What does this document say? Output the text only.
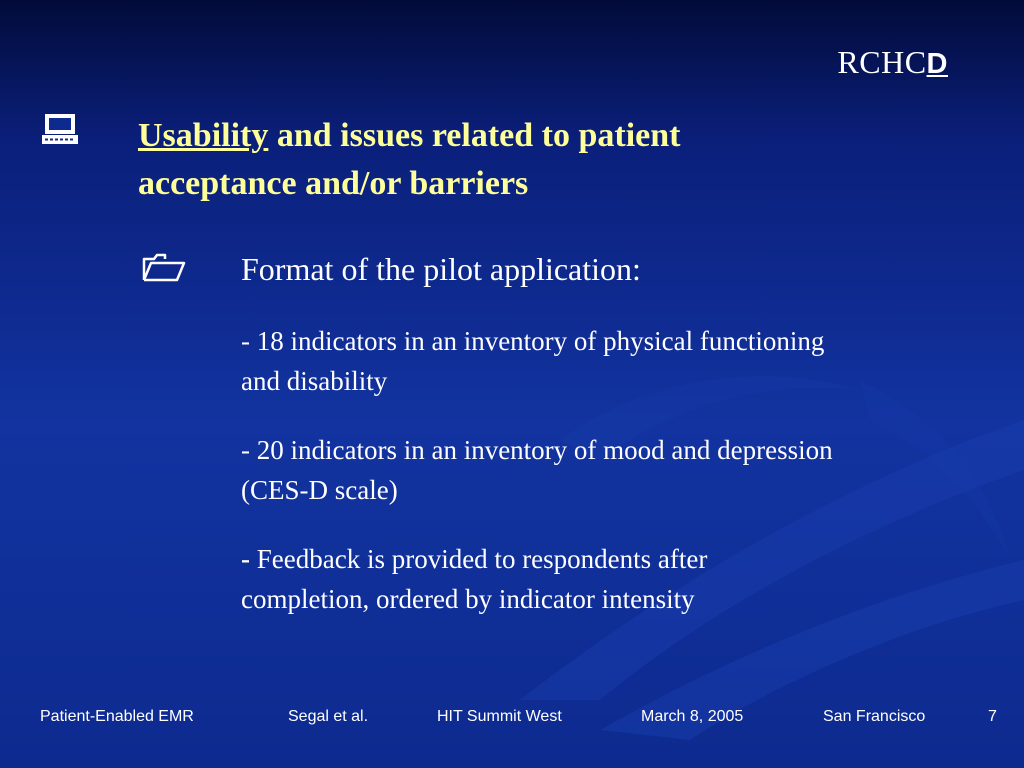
RCHCD
Usability and issues related to patient
acceptance and/or barriers
Format of the pilot application:
- 18 indicators in an inventory of physical functioning
and disability
- 20 indicators in an inventory of mood and depression
(CES-D scale)
- Feedback is provided to respondents after
completion, ordered by indicator intensity
Patient-Enabled EMR	Segal et al.	HIT Summit West	March 8, 2005	San Francisco	7
